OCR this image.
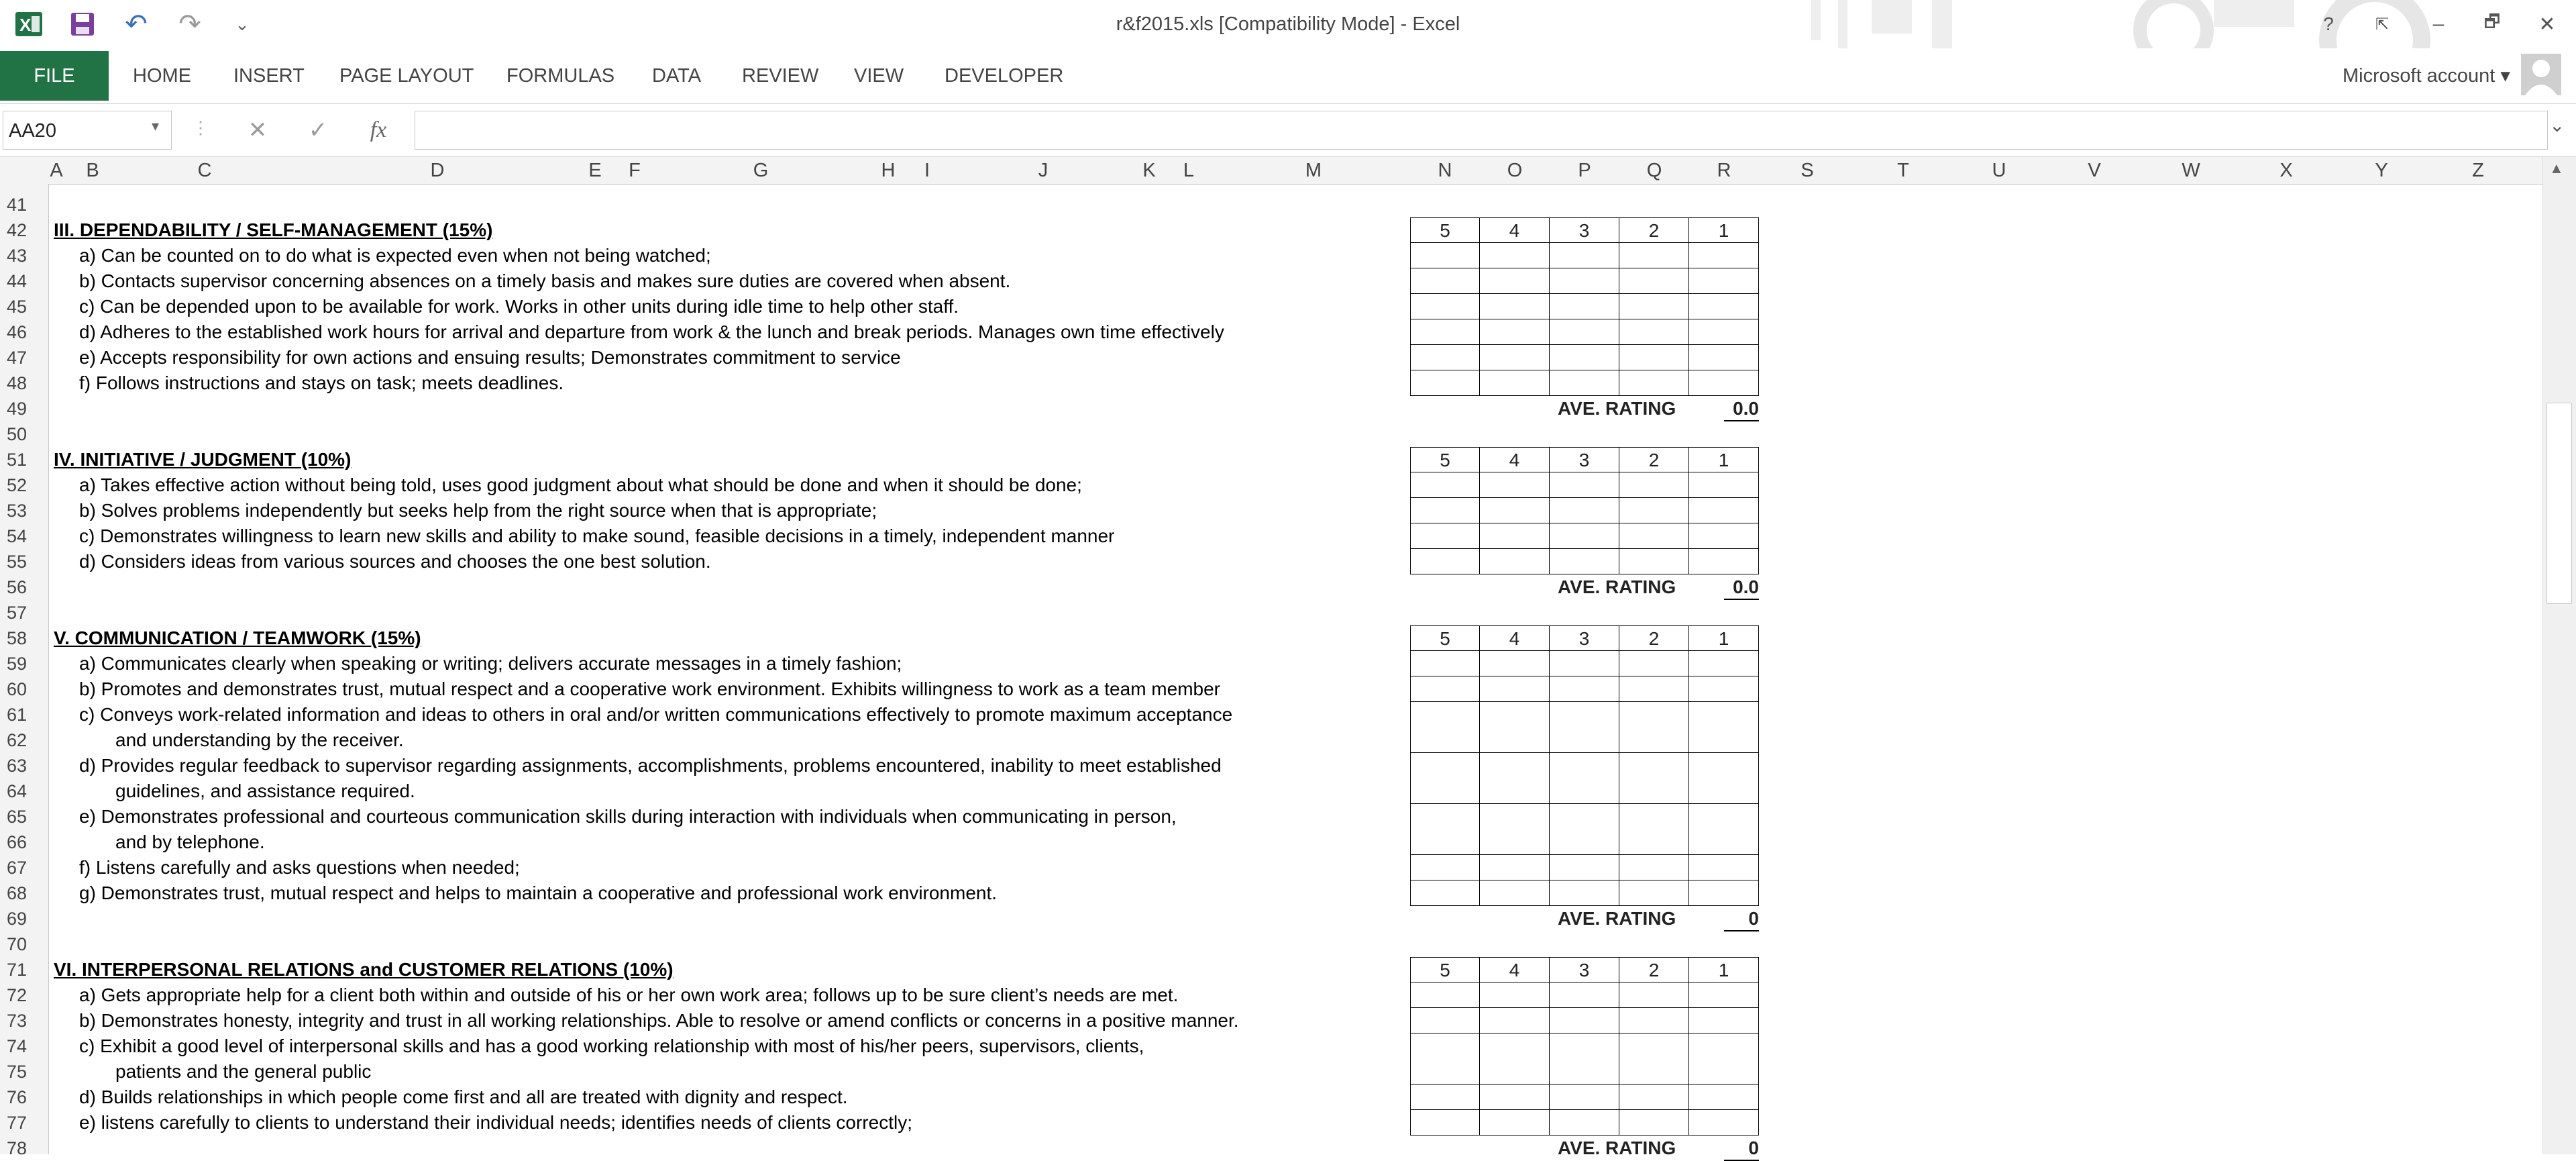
r&f2015.xls [Compatibility Mode] - Excel
X	↶	↷	⌄	?	⇱	–	🗗	✕
FILE	HOME INSERT PAGE LAYOUT FORMULAS DATA REVIEW VIEW DEVELOPER	Microsoft account ▾
AA20	▾ ⋮	✕	✓	fx	⌄
A	B	C	D	E	F	G	H	I	J	K	L	M	N	O	P	Q	R	S	T	U	V	W	X	Y	Z
41
42
43
44
45
46
47
48
49
50
51
52
53
54
55
56
57
58
59
60
61
62
63
64
65
66
67
68
69
70
71
72
73
74
75
76
77
78
III. DEPENDABILITY / SELF-MANAGEMENT (15%)
a) Can be counted on to do what is expected even when not being watched;
b) Contacts supervisor concerning absences on a timely basis and makes sure duties are covered when absent.
c) Can be depended upon to be available for work. Works in other units during idle time to help other staff.
d) Adheres to the established work hours for arrival and departure from work & the lunch and break periods. Manages own time effectively
e) Accepts responsibility for own actions and ensuing results; Demonstrates commitment to service
f) Follows instructions and stays on task; meets deadlines.
5	4	3	2	1
AVE. RATING	0.0
IV. INITIATIVE / JUDGMENT (10%)
a) Takes effective action without being told, uses good judgment about what should be done and when it should be done;
b) Solves problems independently but seeks help from the right source when that is appropriate;
c) Demonstrates willingness to learn new skills and ability to make sound, feasible decisions in a timely, independent manner
d) Considers ideas from various sources and chooses the one best solution.
5	4	3	2	1
AVE. RATING	0.0
V. COMMUNICATION / TEAMWORK (15%)
a) Communicates clearly when speaking or writing; delivers accurate messages in a timely fashion;
b) Promotes and demonstrates trust, mutual respect and a cooperative work environment. Exhibits willingness to work as a team member
c) Conveys work-related information and ideas to others in oral and/or written communications effectively to promote maximum acceptance
and understanding by the receiver.
d) Provides regular feedback to supervisor regarding assignments, accomplishments, problems encountered, inability to meet established
guidelines, and assistance required.
e) Demonstrates professional and courteous communication skills during interaction with individuals when communicating in person,
and by telephone.
f) Listens carefully and asks questions when needed;
g) Demonstrates trust, mutual respect and helps to maintain a cooperative and professional work environment.
5	4	3	2	1
AVE. RATING	0
VI. INTERPERSONAL RELATIONS and CUSTOMER RELATIONS (10%)
a) Gets appropriate help for a client both within and outside of his or her own work area; follows up to be sure client’s needs are met.
b) Demonstrates honesty, integrity and trust in all working relationships. Able to resolve or amend conflicts or concerns in a positive manner.
c) Exhibit a good level of interpersonal skills and has a good working relationship with most of his/her peers, supervisors, clients,
patients and the general public
d) Builds relationships in which people come first and all are treated with dignity and respect.
e) listens carefully to clients to understand their individual needs; identifies needs of clients correctly;
5	4	3	2	1
AVE. RATING	0
▲
